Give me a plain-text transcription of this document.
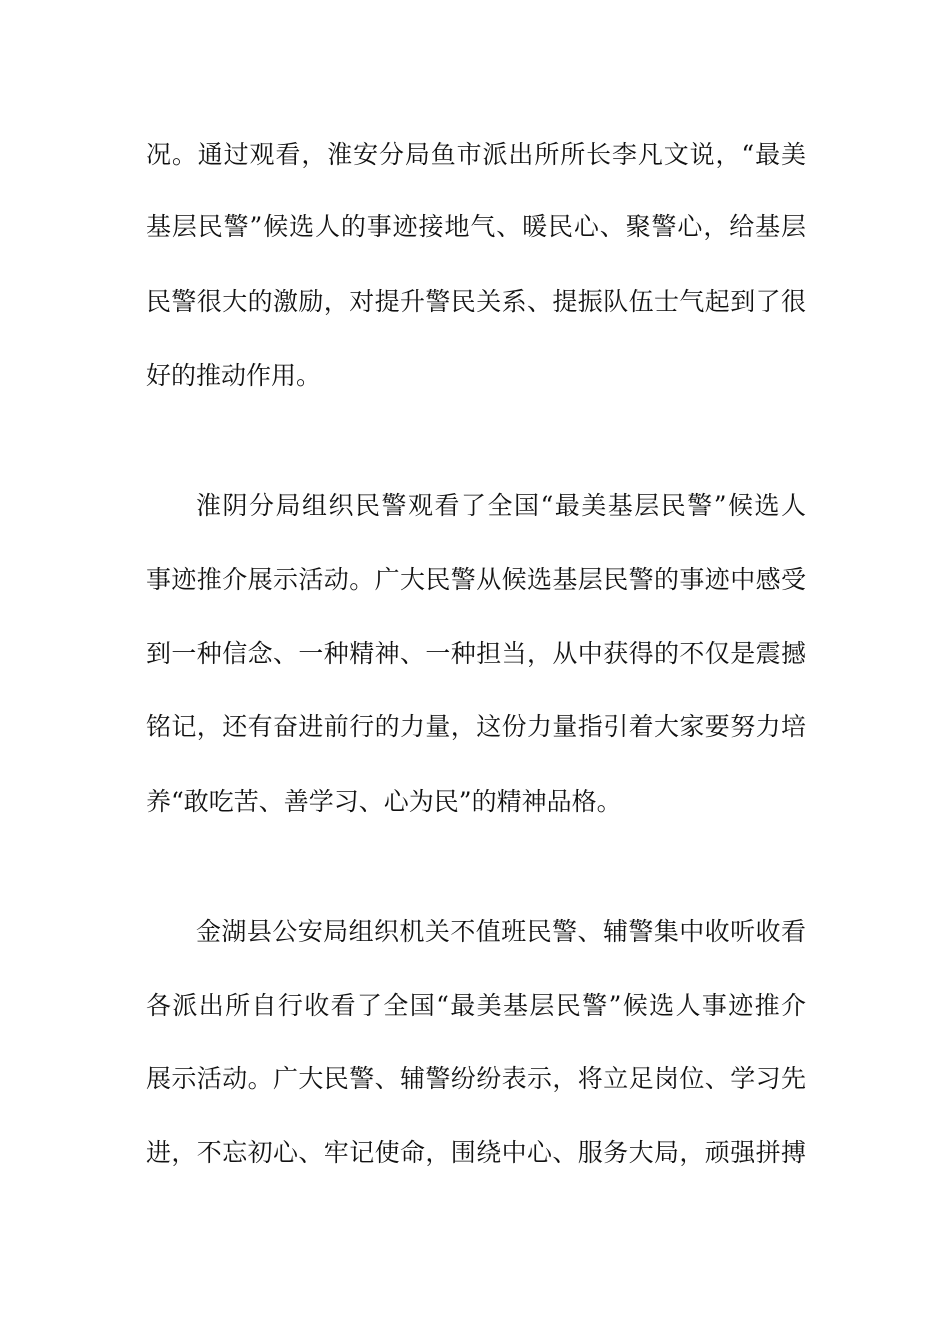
况。通过观看，淮安分局鱼市派出所所长李凡文说，“最美
基层民警”候选人的事迹接地气、暖民心、聚警心，给基层
民警很大的激励，对提升警民关系、提振队伍士气起到了很
好的推动作用。
淮阴分局组织民警观看了全国“最美基层民警”候选人
事迹推介展示活动。广大民警从候选基层民警的事迹中感受
到一种信念、一种精神、一种担当，从中获得的不仅是震撼
铭记，还有奋进前行的力量，这份力量指引着大家要努力培
养“敢吃苦、善学习、心为民”的精神品格。
金湖县公安局组织机关不值班民警、辅警集中收听收看
各派出所自行收看了全国“最美基层民警”候选人事迹推介
展示活动。广大民警、辅警纷纷表示，将立足岗位、学习先
进，不忘初心、牢记使命，围绕中心、服务大局，顽强拼搏
